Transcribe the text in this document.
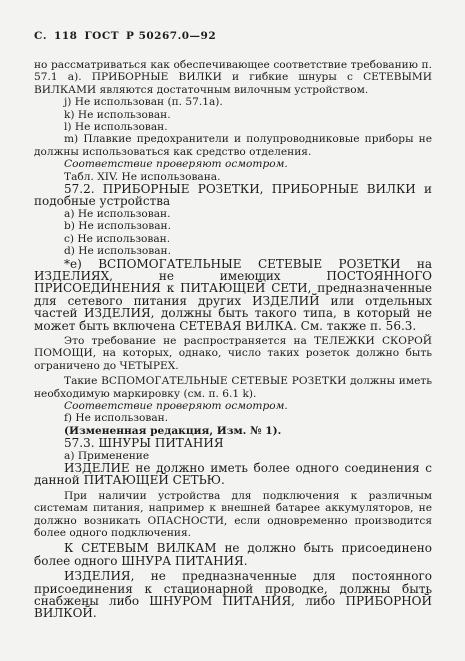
С. 118 ГОСТ Р 50267.0—92

но рассматриваться как обеспечивающее соответствие требованию п. 57.1 а). ПРИБОРНЫЕ ВИЛКИ и гибкие шнуры с СЕТЕВЫМИ ВИЛКАМИ являются достаточным вилочным устройством.

j) Не использован (п. 57.1а).

k) Не использован.

l) Не использован.

m) Плавкие предохранители и полупроводниковые приборы не должны использоваться как средство отделения.

Соответствие проверяют осмотром.

Табл. XIV. Не использована.

57.2. ПРИБОРНЫЕ РОЗЕТКИ, ПРИБОРНЫЕ ВИЛКИ и подобные устройства

а) Не использован.

b) Не использован.

с) Не использован.

d) Не использован.

*е) ВСПОМОГАТЕЛЬНЫЕ СЕТЕВЫЕ РОЗЕТКИ на ИЗДЕЛИЯХ, не имеющих ПОСТОЯННОГО ПРИСОЕДИНЕНИЯ к ПИТАЮЩЕЙ СЕТИ, предназначенные для сетевого питания других ИЗДЕЛИЙ или отдельных частей ИЗДЕЛИЯ, должны быть такого типа, в который не может быть включена СЕТЕВАЯ ВИЛКА. См. также п. 56.3.

Это требование не распространяется на ТЕЛЕЖКИ СКОРОЙ ПОМОЩИ, на которых, однако, число таких розеток должно быть ограничено до ЧЕТЫРЕХ.

Такие ВСПОМОГАТЕЛЬНЫЕ СЕТЕВЫЕ РОЗЕТКИ должны иметь необходимую маркировку (см. п. 6.1 k).

Соответствие проверяют осмотром.

f) Не использован.

(Измененная редакция, Изм. № 1).

57.3. ШНУРЫ ПИТАНИЯ

а) Применение

ИЗДЕЛИЕ не должно иметь более одного соединения с данной ПИТАЮЩЕЙ СЕТЬЮ.

При наличии устройства для подключения к различным системам питания, например к внешней батарее аккумуляторов, не должно возникать ОПАСНОСТИ, если одновременно производится более одного подключения.

К СЕТЕВЫМ ВИЛКАМ не должно быть присоединено более одного ШНУРА ПИТАНИЯ.

ИЗДЕЛИЯ, не предназначенные для постоянного присоединения к стационарной проводке, должны быть снабжены либо ШНУРОМ ПИТАНИЯ, либо ПРИБОРНОЙ ВИЛКОЙ.
